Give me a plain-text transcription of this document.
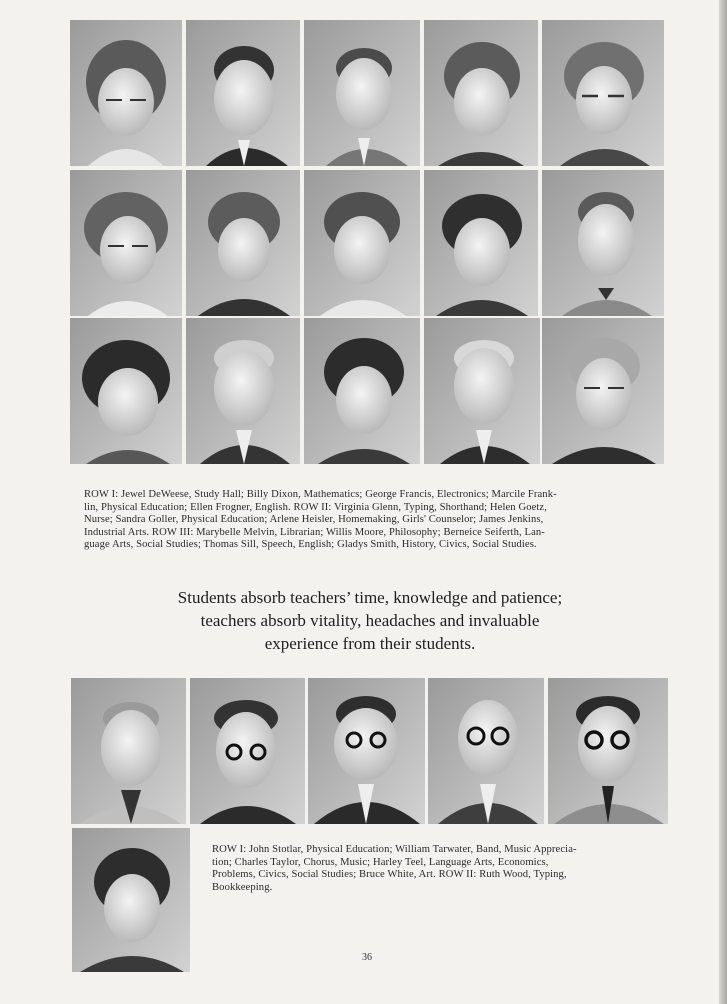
ROW I: Jewel DeWeese, Study Hall; Billy Dixon, Mathematics; George Francis, Electronics; Marcile Frank-
lin, Physical Education; Ellen Frogner, English. ROW II: Virginia Glenn, Typing, Shorthand; Helen Goetz,
Nurse; Sandra Goller, Physical Education; Arlene Heisler, Homemaking, Girls' Counselor; James Jenkins,
Industrial Arts. ROW III: Marybelle Melvin, Librarian; Willis Moore, Philosophy; Berneice Seiferth, Lan-
guage Arts, Social Studies; Thomas Sill, Speech, English; Gladys Smith, History, Civics, Social Studies.
Students absorb teachers’ time, knowledge and patience;
teachers absorb vitality, headaches and invaluable
experience from their students.
ROW I: John Stotlar, Physical Education; William Tarwater, Band, Music Apprecia-
tion; Charles Taylor, Chorus, Music; Harley Teel, Language Arts, Economics,
Problems, Civics, Social Studies; Bruce White, Art. ROW II: Ruth Wood, Typing,
Bookkeeping.
36
